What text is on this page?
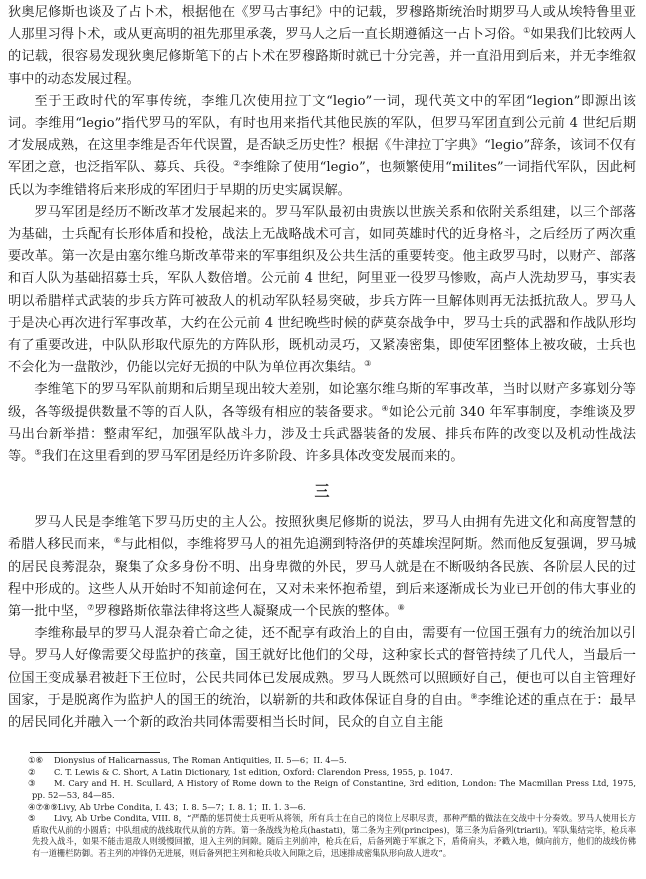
狄奥尼修斯也谈及了占卜术，根据他在《罗马古事纪》中的记载，罗穆路斯统治时期罗马人或从埃特鲁里亚人那里习得卜术，或从更高明的祖先那里承袭，罗马人之后一直长期遵循这一占卜习俗。①如果我们比较两人的记载，很容易发现狄奥尼修斯笔下的占卜术在罗穆路斯时就已十分完善，并一直沿用到后来，并无李维叙事中的动态发展过程。

至于王政时代的军事传统，李维几次使用拉丁文“legio”一词，现代英文中的军团“legion”即源出该词。李维用“legio”指代罗马的军队，有时也用来指代其他民族的军队，但罗马军团直到公元前 4 世纪后期才发展成熟，在这里李维是否年代误置，是否缺乏历史性？根据《牛津拉丁字典》“legio”辞条，该词不仅有军团之意，也泛指军队、募兵、兵役。②李维除了使用“legio”，也频繁使用“milites”一词指代军队，因此柯氏以为李维错将后来形成的军团归于早期的历史实属误解。

罗马军团是经历不断改革才发展起来的。罗马军队最初由贵族以世族关系和依附关系组建，以三个部落为基础，士兵配有长形体盾和投枪，战法上无战略战术可言，如同英雄时代的近身格斗，之后经历了两次重要改革。第一次是由塞尔维乌斯改革带来的军事组织及公共生活的重要转变。他主政罗马时，以财产、部落和百人队为基础招募士兵，军队人数倍增。公元前 4 世纪，阿里亚一役罗马惨败，高卢人洗劫罗马，事实表明以希腊样式武装的步兵方阵可被敌人的机动军队轻易突破，步兵方阵一旦解体则再无法抵抗敌人。罗马人于是决心再次进行军事改革，大约在公元前 4 世纪晚些时候的萨莫奈战争中，罗马士兵的武器和作战队形均有了重要改进，中队队形取代原先的方阵队形，既机动灵巧，又紧凑密集，即使军团整体上被攻破，士兵也不会化为一盘散沙，仍能以完好无损的中队为单位再次集结。③

李维笔下的罗马军队前期和后期呈现出较大差别，如论塞尔维乌斯的军事改革，当时以财产多寡划分等级，各等级提供数量不等的百人队，各等级有相应的装备要求。④如论公元前 340 年军事制度，李维谈及罗马出台新举措：整肃军纪，加强军队战斗力，涉及士兵武器装备的发展、排兵布阵的改变以及机动性战法等。⑤我们在这里看到的罗马军团是经历许多阶段、许多具体改变发展而来的。

三

罗马人民是李维笔下罗马历史的主人公。按照狄奥尼修斯的说法，罗马人由拥有先进文化和高度智慧的希腊人移民而来，⑥与此相似，李维将罗马人的祖先追溯到特洛伊的英雄埃涅阿斯。然而他反复强调，罗马城的居民良莠混杂，聚集了众多身份不明、出身卑微的外民，罗马人就是在不断吸纳各民族、各阶层人民的过程中形成的。这些人从开始时不知前途何在，又对未来怀抱希望，到后来逐渐成长为业已开创的伟大事业的第一批中坚，⑦罗穆路斯依靠法律将这些人凝聚成一个民族的整体。⑧

李维称最早的罗马人混杂着亡命之徒，还不配享有政治上的自由，需要有一位国王强有力的统治加以引导。罗马人好像需要父母监护的孩童，国王就好比他们的父母，这种家长式的督管持续了几代人，当最后一位国王变成暴君被赶下王位时，公民共同体已发展成熟。罗马人既然可以照顾好自己，便也可以自主管理好国家，于是脱离作为监护人的国王的统治，以崭新的共和政体保证自身的自由。⑨李维论述的重点在于：最早的居民同化并融入一个新的政治共同体需要相当长时间，民众的自立自主能

①⑥ Dionysius of Halicarnassus, The Roman Antiquities, II. 5—6；II. 4—5.

② C. T. Lewis & C. Short, A Latin Dictionary, 1st edition, Oxford: Clarendon Press, 1955, p. 1047.

③ M. Cary and H. H. Scullard, A History of Rome down to the Reign of Constantine, 3rd edition, London: The Macmillan Press Ltd, 1975, pp. 52—53, 84—85.

④⑦⑧⑨Livy, Ab Urbe Condita, I. 43；I. 8. 5—7；I. 8. 1；II. 1. 3—6.

⑤ Livy, Ab Urbe Condita, VIII. 8，“严酷的惩罚使士兵更听从将领，所有兵士在自己的岗位上尽职尽责，那种严酷的做法在交战中十分奏效。罗马人使用长方盾取代从前的小圆盾；中队组成的战线取代从前的方阵。第一条战线为枪兵(hastati)，第二条为主列(principes)，第三条为后备列(triarii)。军队集结完毕，枪兵率先投入战斗，如果不能击退敌人则缓慢回撤，退入主列的间隙。随后主列前冲，枪兵在后，后备列跪于军旗之下，盾倚肩头，矛戳入地，倾向前方，他们的战线仿佛有一道栅栏防御。若主列的冲锋仍无进展，则后备列把主列和枪兵收入间隙之后，迅速排成密集队形向敌人进攻”。
